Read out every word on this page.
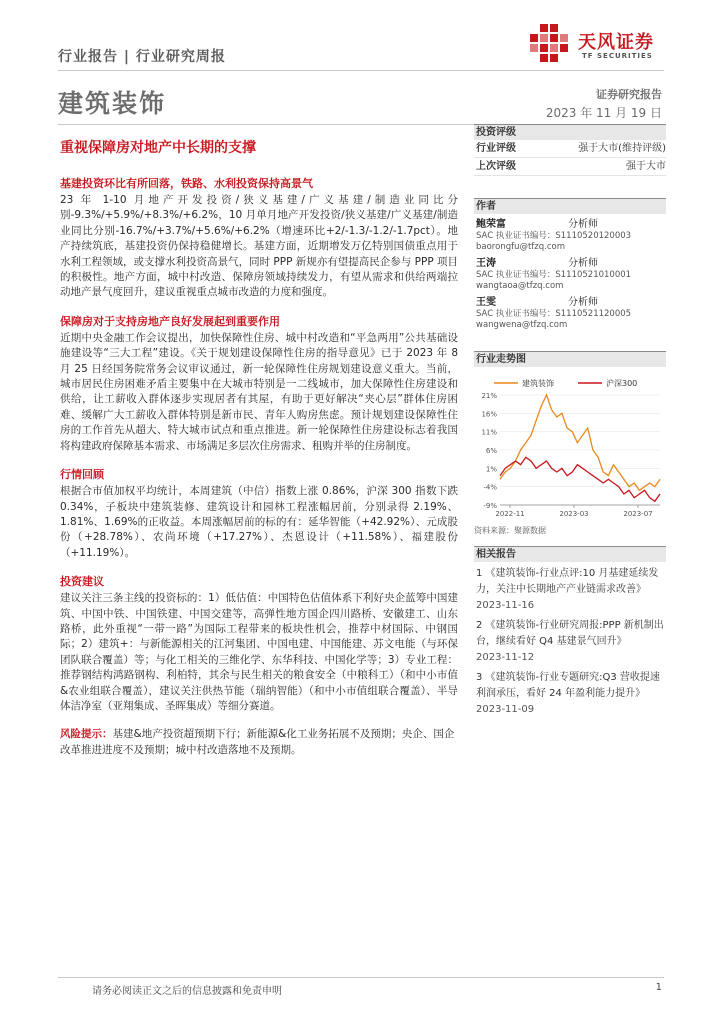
行业报告 | 行业研究周报
天风证券
TF SECURITIES
建筑装饰	证券研究报告
2023 年 11 月 19 日
重视保障房对地产中长期的支撑
基建投资环比有所回落，铁路、水利投资保持高景气
23 年 1-10 月地产开发投资/狭义基建/广义基建/制造业同比分别-9.3%/+5.9%/+8.3%/+6.2%，10 月单月地产开发投资/狭义基建/广义基建/制造业同比分别-16.7%/+3.7%/+5.6%/+6.2%（增速环比+2/-1.3/-1.2/-1.7pct）。地产持续筑底，基建投资仍保持稳健增长。基建方面，近期增发万亿特别国债重点用于水利工程领域，或支撑水利投资高景气，同时 PPP 新规亦有望提高民企参与 PPP 项目的积极性。地产方面，城中村改造、保障房领域持续发力，有望从需求和供给两端拉动地产景气度回升，建议重视重点城市改造的力度和强度。
保障房对于支持房地产良好发展起到重要作用
近期中央金融工作会议提出，加快保障性住房、城中村改造和“平急两用”公共基础设施建设等“三大工程”建设。《关于规划建设保障性住房的指导意见》已于 2023 年 8 月 25 日经国务院常务会议审议通过，新一轮保障性住房规划建设意义重大。当前，城市居民住房困难矛盾主要集中在大城市特别是一二线城市，加大保障性住房建设和供给，让工薪收入群体逐步实现居者有其屋，有助于更好解决“夹心层”群体住房困难、缓解广大工薪收入群体特别是新市民、青年人购房焦虑。预计规划建设保障性住房的工作首先从超大、特大城市试点和重点推进。新一轮保障性住房建设标志着我国将构建政府保障基本需求、市场满足多层次住房需求、租购并举的住房制度。
行情回顾
根据合市值加权平均统计，本周建筑（中信）指数上涨 0.86%，沪深 300 指数下跌 0.34%，子板块中建筑装修、建筑设计和园林工程涨幅居前，分别录得 2.19%、1.81%、1.69%的正收益。本周涨幅居前的标的有：延华智能（+42.92%）、元成股份（+28.78%）、农尚环境（+17.27%）、杰恩设计（+11.58%）、福建股份（+11.19%）。
投资建议
建议关注三条主线的投资标的：1）低估值：中国特色估值体系下利好央企蓝筹中国建筑、中国中铁、中国铁建、中国交建等，高弹性地方国企四川路桥、安徽建工、山东路桥，此外重视“一带一路”为国际工程带来的板块性机会，推荐中材国际、中钢国际；2）建筑+：与新能源相关的江河集团、中国电建、中国能建、苏文电能（与环保团队联合覆盖）等；与化工相关的三维化学、东华科技、中国化学等；3）专业工程：推荐钢结构鸿路钢构、利柏特，其余与民生相关的粮食安全（中粮科工）（和中小市值&农业组联合覆盖），建议关注供热节能（瑞纳智能）（和中小市值组联合覆盖）、半导体洁净室（亚翔集成、圣晖集成）等细分赛道。
风险提示：基建&地产投资超预期下行；新能源&化工业务拓展不及预期；央企、国企改革推进进度不及预期；城中村改造落地不及预期。
投资评级
行业评级	强于大市(维持评级)
上次评级	强于大市
作者
鲍荣富	分析师
SAC 执业证书编号：S1110520120003
baorongfu@tfzq.com
王涛	分析师
SAC 执业证书编号：S1110521010001
wangtaoa@tfzq.com
王雯	分析师
SAC 执业证书编号：S1110521120005
wangwena@tfzq.com
行业走势图
建筑装饰	沪深300
21%
16%
11%
6%
1%
-4%
-9%
2022-11	2023-03	2023-07
资料来源：聚源数据
相关报告
1 《建筑装饰-行业点评:10 月基建延续发力，关注中长期地产产业链需求改善》
2023-11-16
2 《建筑装饰-行业研究周报:PPP 新机制出台，继续看好 Q4 基建景气回升》
2023-11-12
3 《建筑装饰-行业专题研究:Q3 营收提速利润承压，看好 24 年盈利能力提升》
2023-11-09
请务必阅读正文之后的信息披露和免责申明	1
